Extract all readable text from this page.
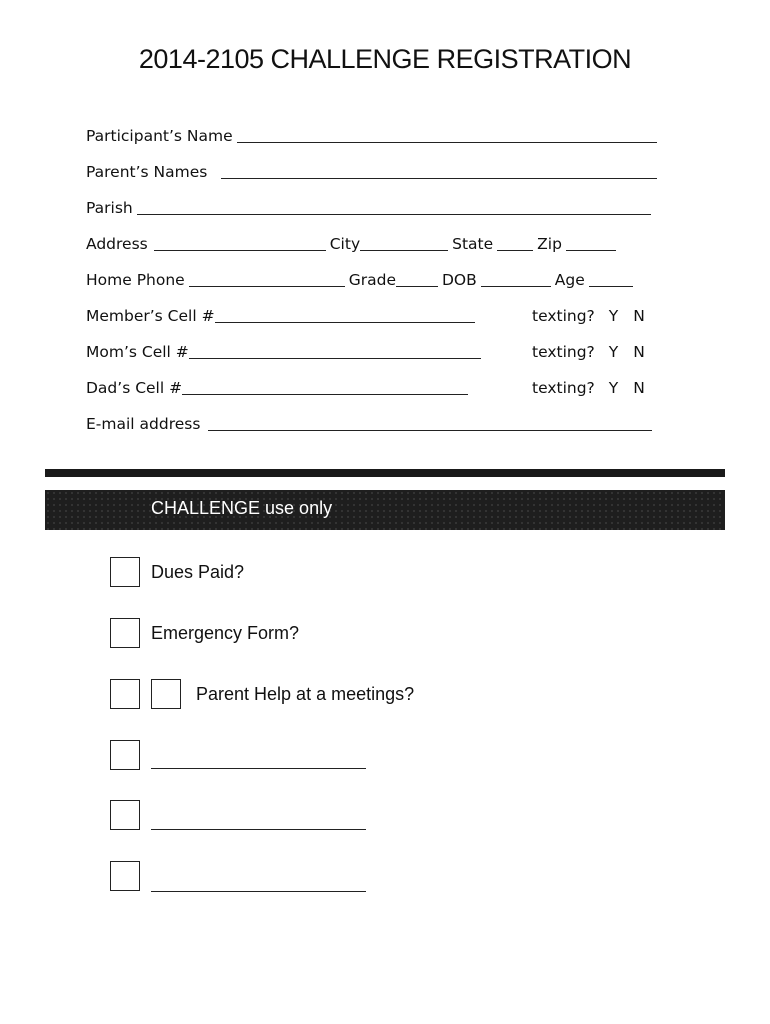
2014-2105 CHALLENGE REGISTRATION
Participant’s Name
Parent’s Names
Parish
Address	City	State	Zip
Home Phone	Grade	DOB	Age
Member’s Cell #	texting? Y N
Mom’s Cell #	texting? Y N
Dad’s Cell #	texting? Y N
E-mail address
CHALLENGE use only
Dues Paid?
Emergency Form?
Parent Help at a meetings?
